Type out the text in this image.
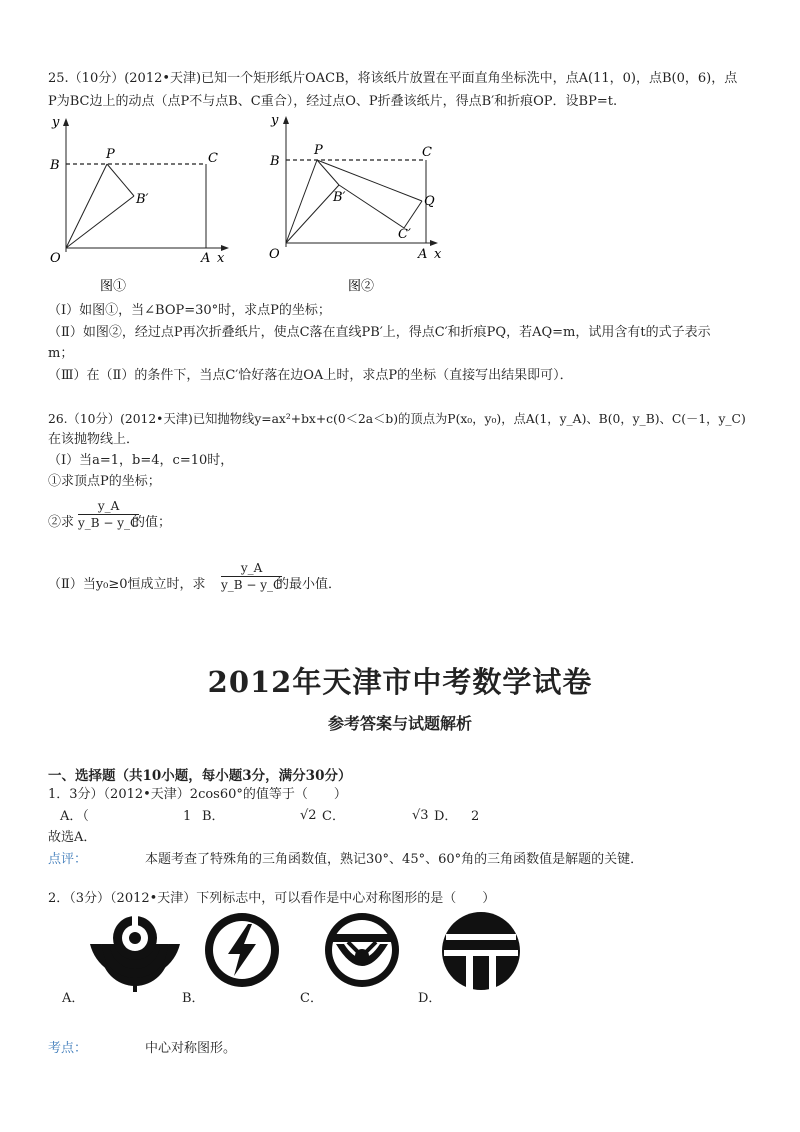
25.（10分）(2012•天津)已知一个矩形纸片OACB，将该纸片放置在平面直角坐标洗中，点A(11，0)，点B(0，6)，点
P为BC边上的动点（点P不与点B、C重合），经过点O、P折叠该纸片，得点B′和折痕OP．设BP=t.
y
B
P	C
B′
O	A x
图①
y
B
P	C
B′	Q
C′
O	A x
图②
（Ⅰ）如图①，当∠BOP=30°时，求点P的坐标；
（Ⅱ）如图②，经过点P再次折叠纸片，使点C落在直线PB′上，得点C′和折痕PQ，若AQ=m，试用含有t的式子表示
m；
（Ⅲ）在（Ⅱ）的条件下，当点C′恰好落在边OA上时，求点P的坐标（直接写出结果即可）．
26.（10分）(2012•天津)已知抛物线y=ax²+bx+c(0＜2a＜b)的顶点为P(x₀，y₀)，点A(1，y_A)、B(0，y_B)、C(－1，y_C)
在该抛物线上．
（Ⅰ）当a=1，b=4，c=10时，
①求顶点P的坐标；
②求 $\frac{y\_A}{y\_B - y\_C}$
的值；
（Ⅱ）当y₀≥0恒成立时，求 $\frac{y\_A}{y\_B - y\_C}$
的最小值．
2012年天津市中考数学试卷
参考答案与试题解析
一、选择题（共10小题，每小题3分，满分30分）
1．3分）（2012•天津）2cos60°的值等于（　　）
A．（	1 B．	√2 C．	√3 D． 2
故选A．
点评：	本题考查了特殊角的三角函数值，熟记30°、45°、60°角的三角函数值是解题的关键．
2．（3分）（2012•天津）下列标志中，可以看作是中心对称图形的是（　　）
A．	B．	C．	D．
考点：	中心对称图形。
